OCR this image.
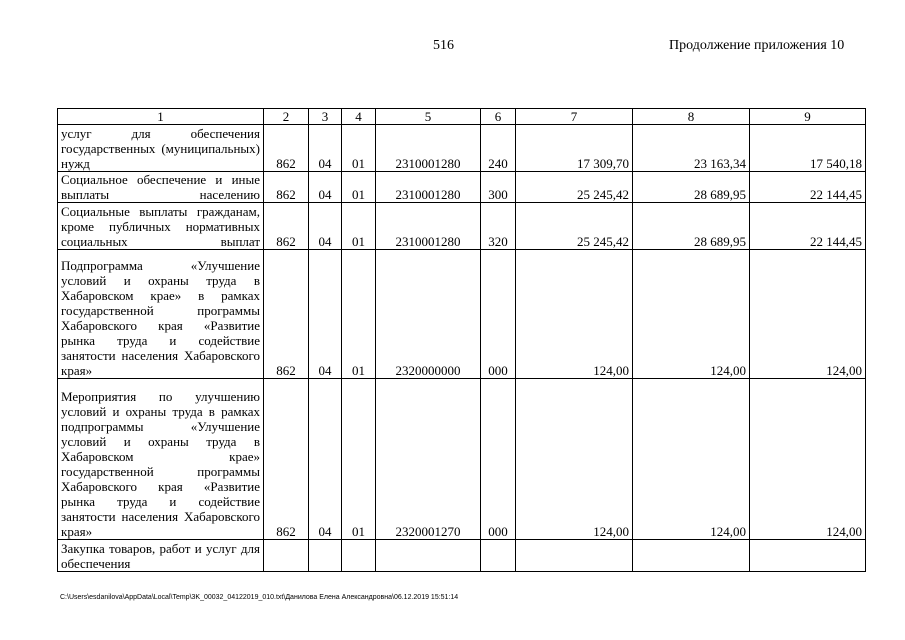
516	Продолжение приложения 10
1	2	3	4	5	6	7	8	9
услуг для обеспечения государственных (муниципальных) нужд	862	04	01	2310001280	240	17 309,70	23 163,34	17 540,18
Социальное обеспечение и иные выплаты населению	862	04	01	2310001280	300	25 245,42	28 689,95	22 144,45
Социальные выплаты гражданам, кроме публичных нормативных социальных выплат	862	04	01	2310001280	320	25 245,42	28 689,95	22 144,45
Подпрограмма «Улучшение условий и охраны труда в Хабаровском крае» в рамках государственной программы Хабаровского края «Развитие рынка труда и содействие занятости населения Хабаровского края»	862	04	01	2320000000	000	124,00	124,00	124,00
Мероприятия по улучшению условий и охраны труда в рамках подпрограммы «Улучшение условий и охраны труда в Хабаровском крае» государственной программы Хабаровского края «Развитие рынка труда и содействие занятости населения Хабаровского края»	862	04	01	2320001270	000	124,00	124,00	124,00
Закупка товаров, работ и услуг для обеспечения								
C:\Users\esdanilova\AppData\Local\Temp\3K_00032_04122019_010.txt\Данилова Елена Александровна\06.12.2019 15:51:14
